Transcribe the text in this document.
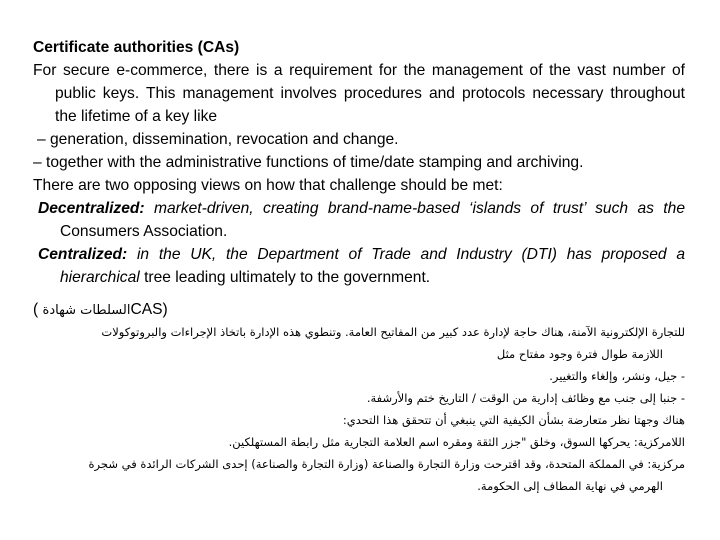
Certificate authorities (CAs)

For secure e-commerce, there is a requirement for the management of the vast number of public keys. This management involves procedures and protocols necessary throughout the lifetime of a key like

– generation, dissemination, revocation and change.

– together with the administrative functions of time/date stamping and archiving.

There are two opposing views on how that challenge should be met:

Decentralized: market-driven, creating brand-name-based ‘islands of trust’ such as the Consumers Association.

Centralized: in the UK, the Department of Trade and Industry (DTI) has proposed a hierarchical tree leading ultimately to the government.

( السلطات شهادةCAS)

للتجارة الإلكترونية الآمنة، هناك حاجة لإدارة عدد كبير من المفاتيح العامة. وتنطوي هذه الإدارة باتخاذ الإجراءات والبروتوكولات

اللازمة طوال فترة وجود مفتاح مثل

- جيل، ونشر، وإلغاء والتغيير.

- جنبا إلى جنب مع وظائف إدارية من الوقت / التاريخ ختم والأرشفة.

هناك وجهتا نظر متعارضة بشأن الكيفية التي ينبغي أن تتحقق هذا التحدي:

اللامركزية: يحركها السوق، وخلق "جزر الثقة ومقره اسم العلامة التجارية مثل رابطة المستهلكين.

مركزية: في المملكة المتحدة، وقد اقترحت وزارة التجارة والصناعة (وزارة التجارة والصناعة) إحدى الشركات الرائدة في شجرة

الهرمي في نهاية المطاف إلى الحكومة.
